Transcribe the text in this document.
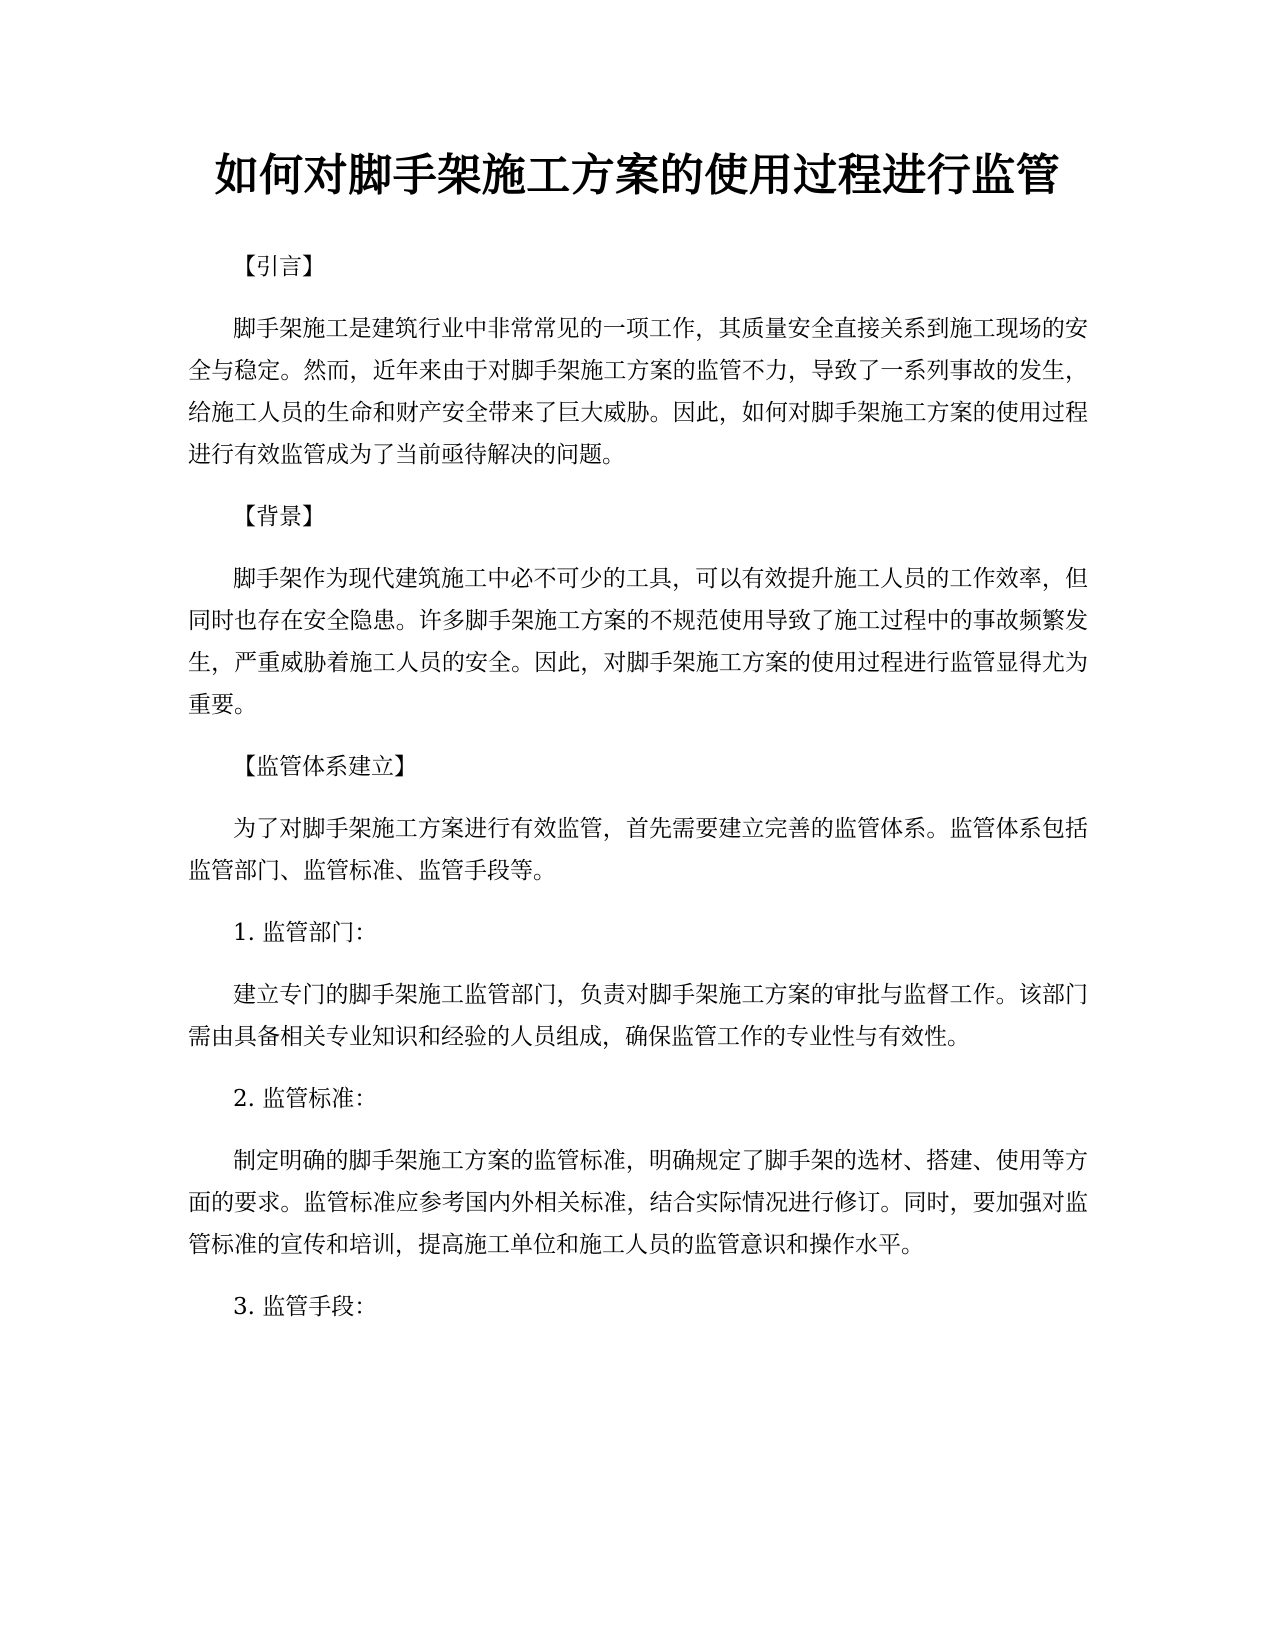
如何对脚手架施工方案的使用过程进行监管

【引言】

脚手架施工是建筑行业中非常常见的一项工作，其质量安全直接关系到施工现场的安全与稳定。然而，近年来由于对脚手架施工方案的监管不力，导致了一系列事故的发生，给施工人员的生命和财产安全带来了巨大威胁。因此，如何对脚手架施工方案的使用过程进行有效监管成为了当前亟待解决的问题。

【背景】

脚手架作为现代建筑施工中必不可少的工具，可以有效提升施工人员的工作效率，但同时也存在安全隐患。许多脚手架施工方案的不规范使用导致了施工过程中的事故频繁发生，严重威胁着施工人员的安全。因此，对脚手架施工方案的使用过程进行监管显得尤为重要。

【监管体系建立】

为了对脚手架施工方案进行有效监管，首先需要建立完善的监管体系。监管体系包括监管部门、监管标准、监管手段等。

1. 监管部门：

建立专门的脚手架施工监管部门，负责对脚手架施工方案的审批与监督工作。该部门需由具备相关专业知识和经验的人员组成，确保监管工作的专业性与有效性。

2. 监管标准：

制定明确的脚手架施工方案的监管标准，明确规定了脚手架的选材、搭建、使用等方面的要求。监管标准应参考国内外相关标准，结合实际情况进行修订。同时，要加强对监管标准的宣传和培训，提高施工单位和施工人员的监管意识和操作水平。

3. 监管手段：
